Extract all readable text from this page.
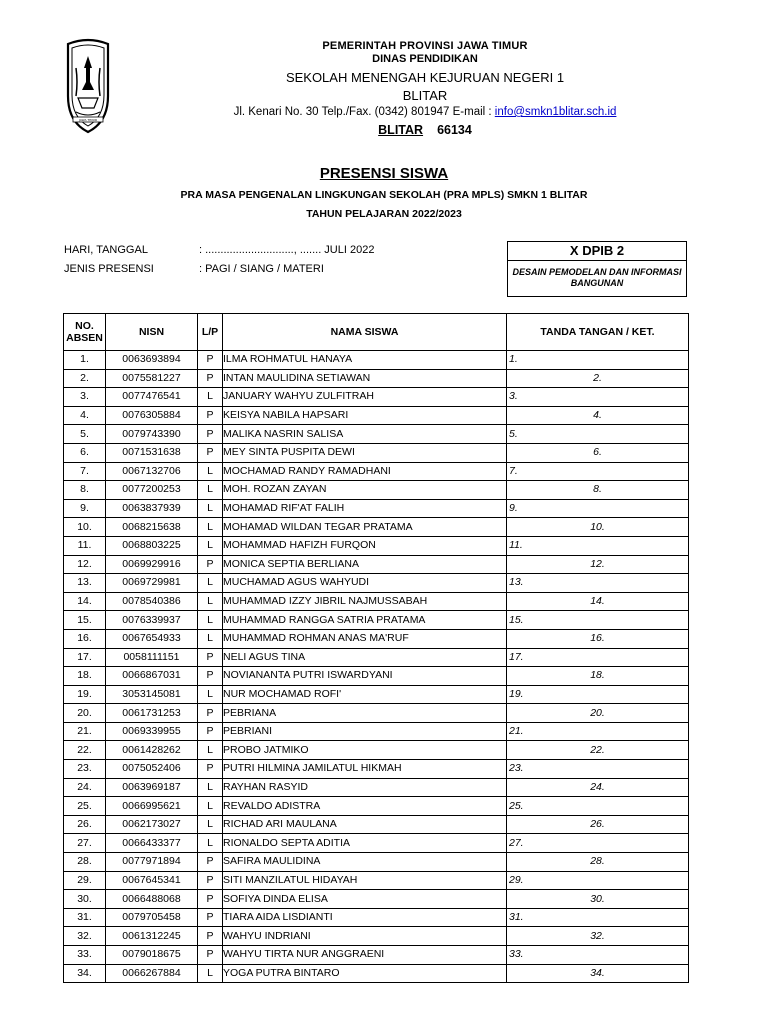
JAWA TIMUR
PEMERINTAH PROVINSI JAWA TIMUR
DINAS PENDIDIKAN
SEKOLAH MENENGAH KEJURUAN NEGERI 1
BLITAR
Jl. Kenari No. 30 Telp./Fax. (0342) 801947 E-mail : info@smkn1blitar.sch.id
BLITAR 66134
PRESENSI SISWA
PRA MASA PENGENALAN LINGKUNGAN SEKOLAH (PRA MPLS) SMKN 1 BLITAR
TAHUN PELAJARAN 2022/2023
HARI, TANGGAL	: ............................., ....... JULI 2022
JENIS PRESENSI	: PAGI / SIANG / MATERI
X DPIB 2
DESAIN PEMODELAN DAN INFORMASI BANGUNAN
NO. ABSEN	NISN	L/P	NAMA SISWA	TANDA TANGAN / KET.
1.	0063693894	P	ILMA ROHMATUL HANAYA	1.
2.	0075581227	P	INTAN MAULIDINA SETIAWAN	2.
3.	0077476541	L	JANUARY WAHYU ZULFITRAH	3.
4.	0076305884	P	KEISYA NABILA HAPSARI	4.
5.	0079743390	P	MALIKA NASRIN SALISA	5.
6.	0071531638	P	MEY SINTA PUSPITA DEWI	6.
7.	0067132706	L	MOCHAMAD RANDY RAMADHANI	7.
8.	0077200253	L	MOH. ROZAN ZAYAN	8.
9.	0063837939	L	MOHAMAD RIF'AT FALIH	9.
10.	0068215638	L	MOHAMAD WILDAN TEGAR PRATAMA	10.
11.	0068803225	L	MOHAMMAD HAFIZH FURQON	11.
12.	0069929916	P	MONICA SEPTIA BERLIANA	12.
13.	0069729981	L	MUCHAMAD AGUS WAHYUDI	13.
14.	0078540386	L	MUHAMMAD IZZY JIBRIL NAJMUSSABAH	14.
15.	0076339937	L	MUHAMMAD RANGGA SATRIA PRATAMA	15.
16.	0067654933	L	MUHAMMAD ROHMAN ANAS MA'RUF	16.
17.	0058111151	P	NELI AGUS TINA	17.
18.	0066867031	P	NOVIANANTA PUTRI ISWARDYANI	18.
19.	3053145081	L	NUR MOCHAMAD ROFI'	19.
20.	0061731253	P	PEBRIANA	20.
21.	0069339955	P	PEBRIANI	21.
22.	0061428262	L	PROBO JATMIKO	22.
23.	0075052406	P	PUTRI HILMINA JAMILATUL HIKMAH	23.
24.	0063969187	L	RAYHAN RASYID	24.
25.	0066995621	L	REVALDO ADISTRA	25.
26.	0062173027	L	RICHAD ARI MAULANA	26.
27.	0066433377	L	RIONALDO SEPTA ADITIA	27.
28.	0077971894	P	SAFIRA MAULIDINA	28.
29.	0067645341	P	SITI MANZILATUL HIDAYAH	29.
30.	0066488068	P	SOFIYA DINDA ELISA	30.
31.	0079705458	P	TIARA AIDA LISDIANTI	31.
32.	0061312245	P	WAHYU INDRIANI	32.
33.	0079018675	P	WAHYU TIRTA NUR ANGGRAENI	33.
34.	0066267884	L	YOGA PUTRA BINTARO	34.
